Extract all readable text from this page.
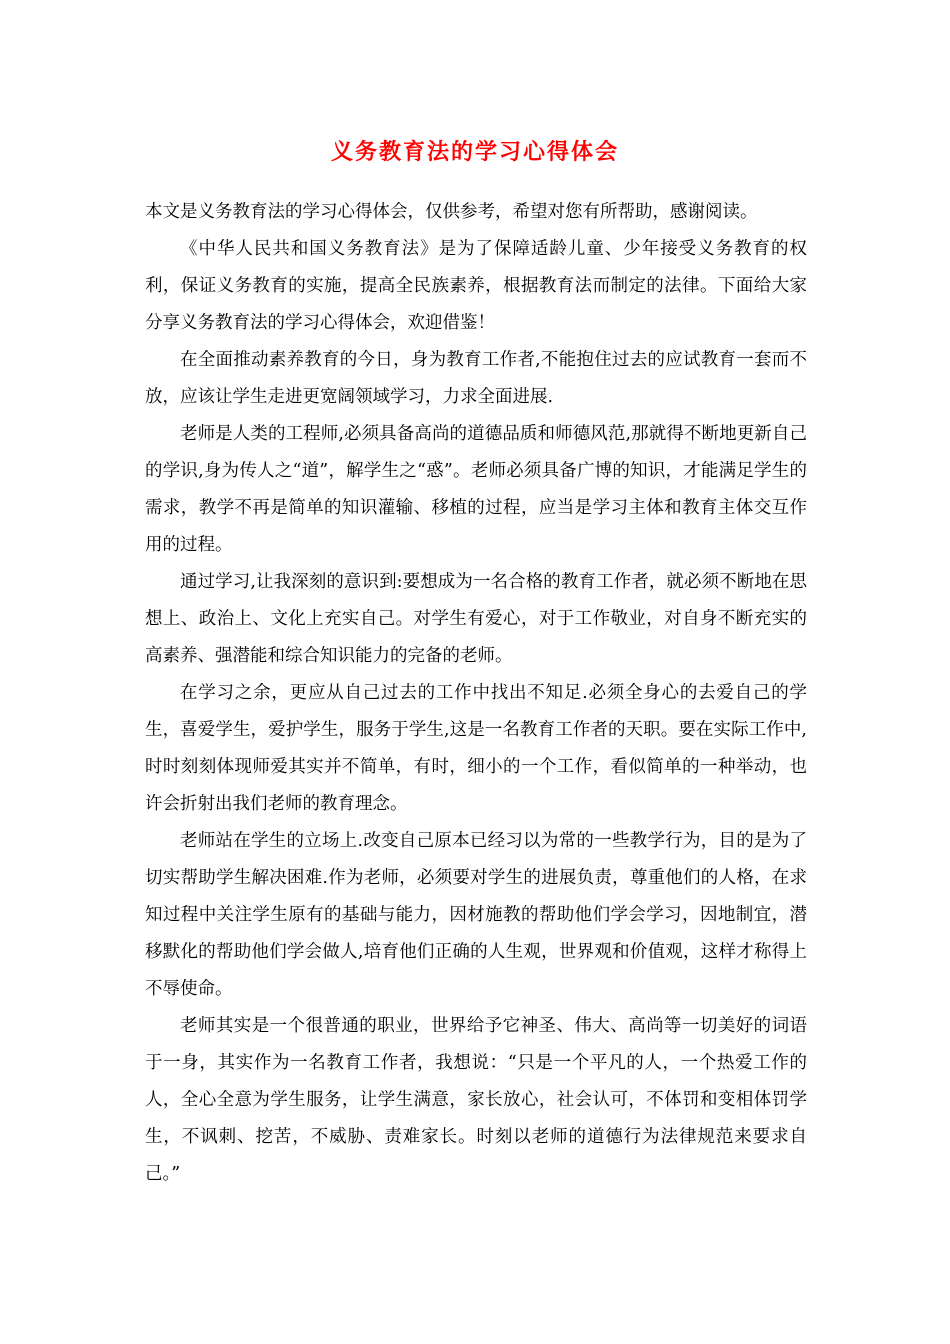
义务教育法的学习心得体会

本文是义务教育法的学习心得体会，仅供参考，希望对您有所帮助，感谢阅读。

《中华人民共和国义务教育法》是为了保障适龄儿童、少年接受义务教育的权利，保证义务教育的实施，提高全民族素养，根据教育法而制定的法律。下面给大家分享义务教育法的学习心得体会，欢迎借鉴！

在全面推动素养教育的今日，身为教育工作者,不能抱住过去的应试教育一套而不放，应该让学生走进更宽阔领域学习，力求全面进展.

老师是人类的工程师,必须具备高尚的道德品质和师德风范,那就得不断地更新自己的学识,身为传人之“道”，解学生之“惑”。老师必须具备广博的知识，才能满足学生的需求，教学不再是简单的知识灌输、移植的过程，应当是学习主体和教育主体交互作用的过程。

通过学习,让我深刻的意识到:要想成为一名合格的教育工作者，就必须不断地在思想上、政治上、文化上充实自己。对学生有爱心，对于工作敬业，对自身不断充实的高素养、强潜能和综合知识能力的完备的老师。

在学习之余，更应从自己过去的工作中找出不知足.必须全身心的去爱自己的学生，喜爱学生，爱护学生，服务于学生,这是一名教育工作者的天职。要在实际工作中,时时刻刻体现师爱其实并不简单，有时，细小的一个工作，看似简单的一种举动，也许会折射出我们老师的教育理念。

老师站在学生的立场上.改变自己原本已经习以为常的一些教学行为，目的是为了切实帮助学生解决困难.作为老师，必须要对学生的进展负责，尊重他们的人格，在求知过程中关注学生原有的基础与能力，因材施教的帮助他们学会学习，因地制宜，潜移默化的帮助他们学会做人,培育他们正确的人生观，世界观和价值观，这样才称得上不辱使命。

老师其实是一个很普通的职业，世界给予它神圣、伟大、高尚等一切美好的词语于一身，其实作为一名教育工作者，我想说：“只是一个平凡的人，一个热爱工作的人，全心全意为学生服务，让学生满意，家长放心，社会认可，不体罚和变相体罚学生，不讽刺、挖苦，不威胁、责难家长。时刻以老师的道德行为法律规范来要求自己。”
